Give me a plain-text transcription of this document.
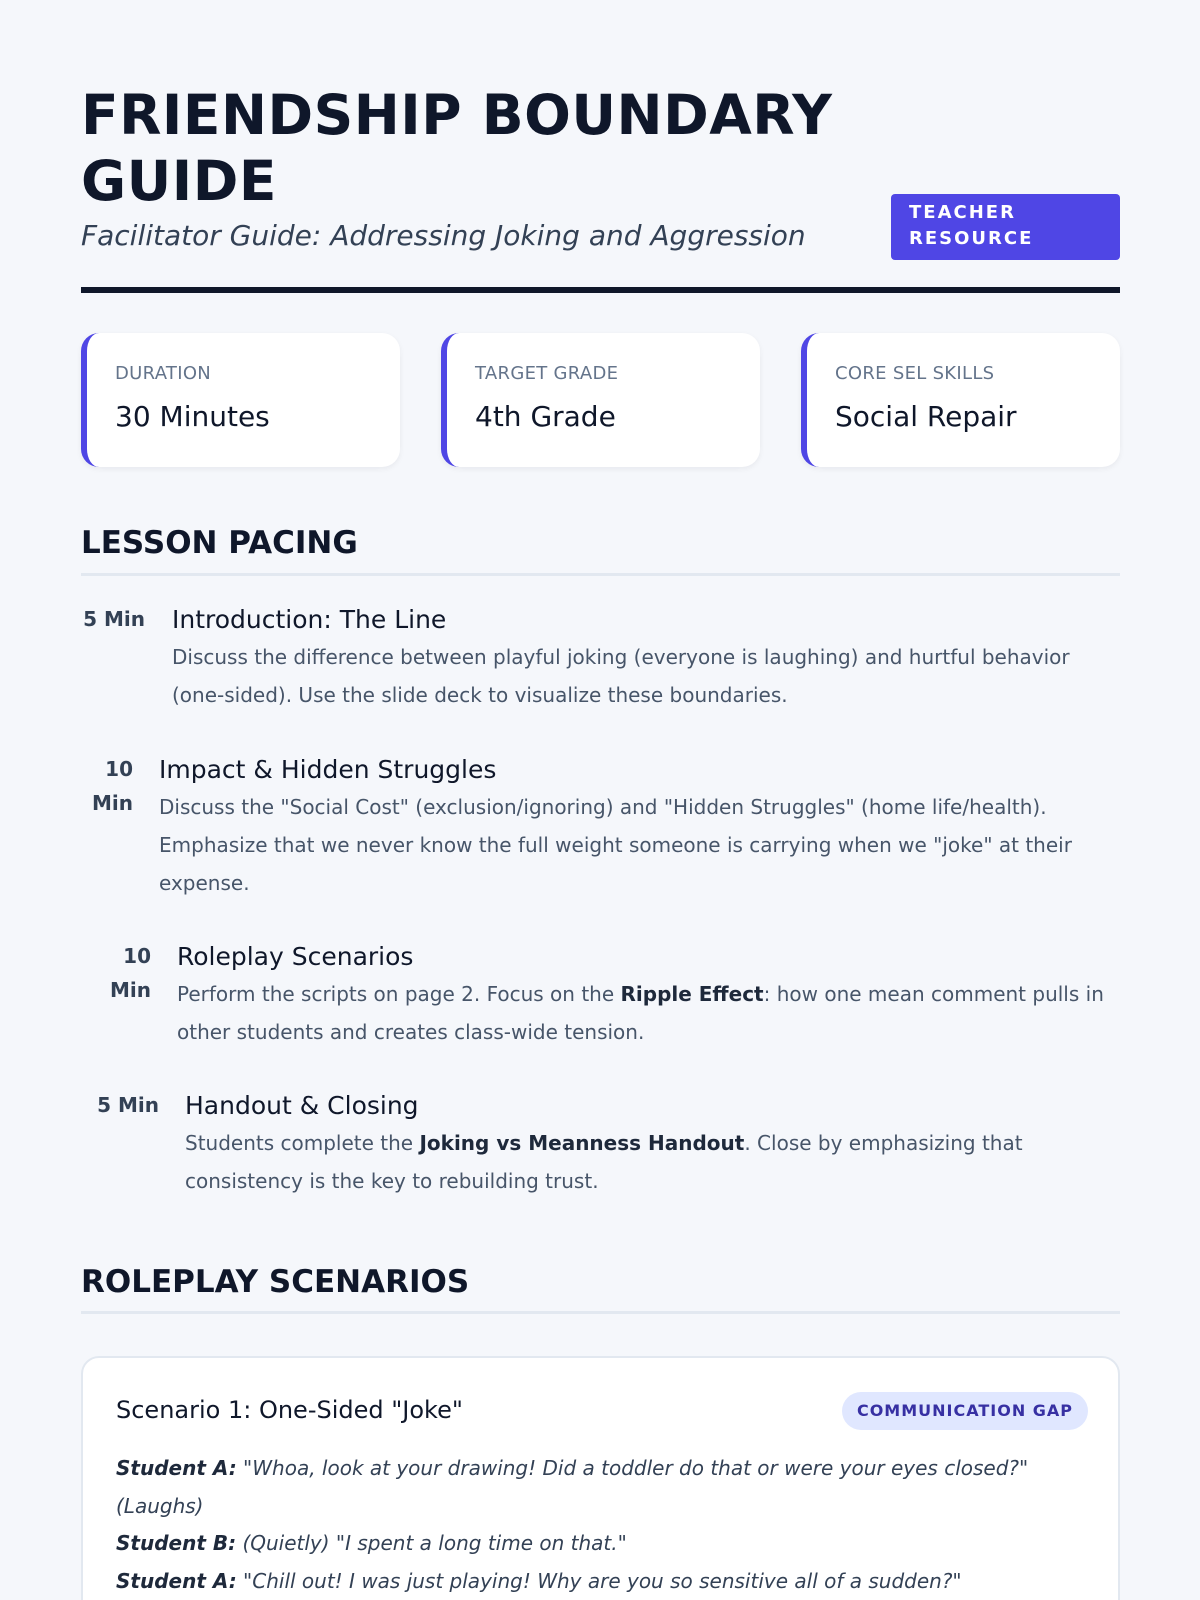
FRIENDSHIP BOUNDARY GUIDE
Facilitator Guide: Addressing Joking and Aggression
TEACHER
RESOURCE
DURATION
30 Minutes
TARGET GRADE
4th Grade
CORE SEL SKILLS
Social Repair
LESSON PACING
5 Min Introduction: The Line
Discuss the difference between playful joking (everyone is laughing) and hurtful behavior (one-sided). Use the slide deck to visualize these boundaries.
10 Min
Impact & Hidden Struggles
Discuss the "Social Cost" (exclusion/ignoring) and "Hidden Struggles" (home life/health). Emphasize that we never know the full weight someone is carrying when we "joke" at their expense.
10 Min
Roleplay Scenarios
Perform the scripts on page 2. Focus on the Ripple Effect: how one mean comment pulls in other students and creates class-wide tension.
5 Min Handout & Closing
Students complete the Joking vs Meanness Handout. Close by emphasizing that consistency is the key to rebuilding trust.
ROLEPLAY SCENARIOS
Scenario 1: One-Sided "Joke"	COMMUNICATION GAP
Student A: "Whoa, look at your drawing! Did a toddler do that or were your eyes closed?" (Laughs)
Student B: (Quietly) "I spent a long time on that."
Student A: "Chill out! I was just playing! Why are you so sensitive all of a sudden?"
